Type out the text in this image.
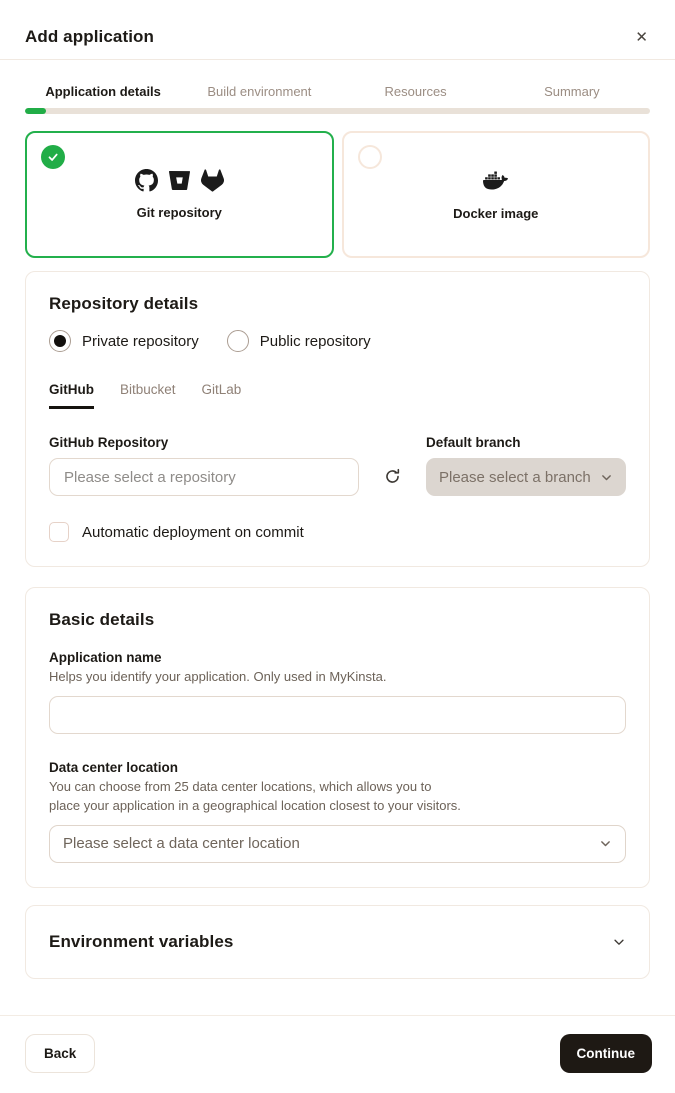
Add application	✕
Application details	Build environment	Resources	Summary
Git repository	Docker image
Repository details
Private repository	Public repository
GitHub Bitbucket GitLab
GitHub Repository
Please select a repository	Default branch
Please select a branch
Automatic deployment on commit
Basic details
Application name
Helps you identify your application. Only used in MyKinsta.
Data center location
You can choose from 25 data center locations, which allows you to
place your application in a geographical location closest to your visitors.
Please select a data center location
Environment variables
Back	Continue
